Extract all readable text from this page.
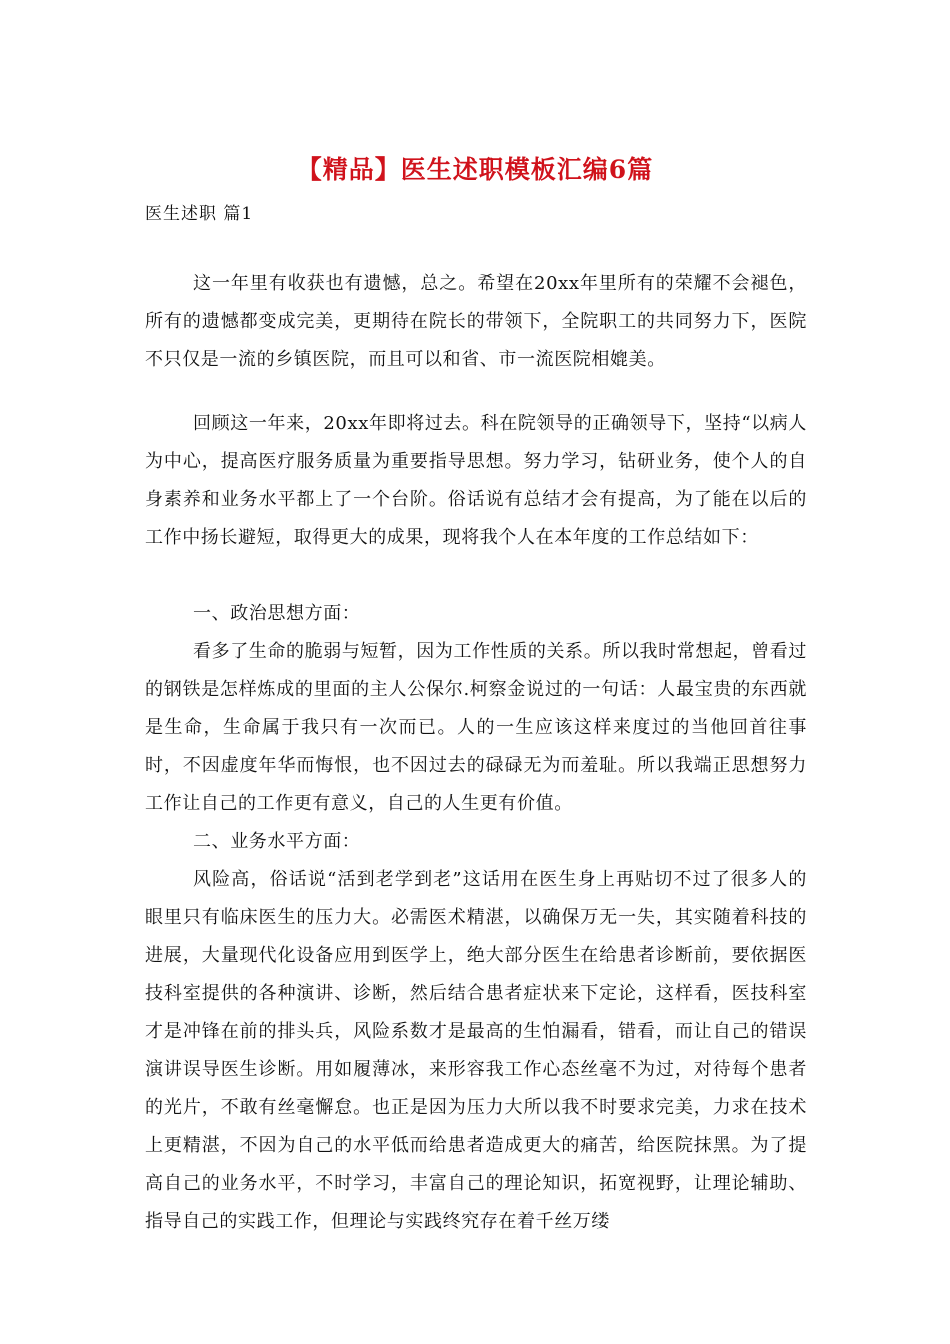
【精品】医生述职模板汇编6篇
医生述职 篇1

这一年里有收获也有遗憾，总之。希望在20xx年里所有的荣耀不会褪色，所有的遗憾都变成完美，更期待在院长的带领下，全院职工的共同努力下，医院不只仅是一流的乡镇医院，而且可以和省、市一流医院相媲美。

回顾这一年来，20xx年即将过去。科在院领导的正确领导下，坚持“以病人为中心，提高医疗服务质量为重要指导思想。努力学习，钻研业务，使个人的自身素养和业务水平都上了一个台阶。俗话说有总结才会有提高，为了能在以后的工作中扬长避短，取得更大的成果，现将我个人在本年度的工作总结如下：

一、政治思想方面：

看多了生命的脆弱与短暂，因为工作性质的关系。所以我时常想起，曾看过的钢铁是怎样炼成的里面的主人公保尔.柯察金说过的一句话：人最宝贵的东西就是生命，生命属于我只有一次而已。人的一生应该这样来度过的当他回首往事时，不因虚度年华而悔恨，也不因过去的碌碌无为而羞耻。所以我端正思想努力工作让自己的工作更有意义，自己的人生更有价值。

二、业务水平方面：

风险高，俗话说“活到老学到老”这话用在医生身上再贴切不过了很多人的眼里只有临床医生的压力大。必需医术精湛，以确保万无一失，其实随着科技的进展，大量现代化设备应用到医学上，绝大部分医生在给患者诊断前，要依据医技科室提供的各种演讲、诊断，然后结合患者症状来下定论，这样看，医技科室才是冲锋在前的排头兵，风险系数才是最高的生怕漏看，错看，而让自己的错误演讲误导医生诊断。用如履薄冰，来形容我工作心态丝毫不为过，对待每个患者的光片，不敢有丝毫懈怠。也正是因为压力大所以我不时要求完美，力求在技术上更精湛，不因为自己的水平低而给患者造成更大的痛苦，给医院抹黑。为了提高自己的业务水平，不时学习，丰富自己的理论知识，拓宽视野，让理论辅助、指导自己的实践工作，但理论与实践终究存在着千丝万缕
